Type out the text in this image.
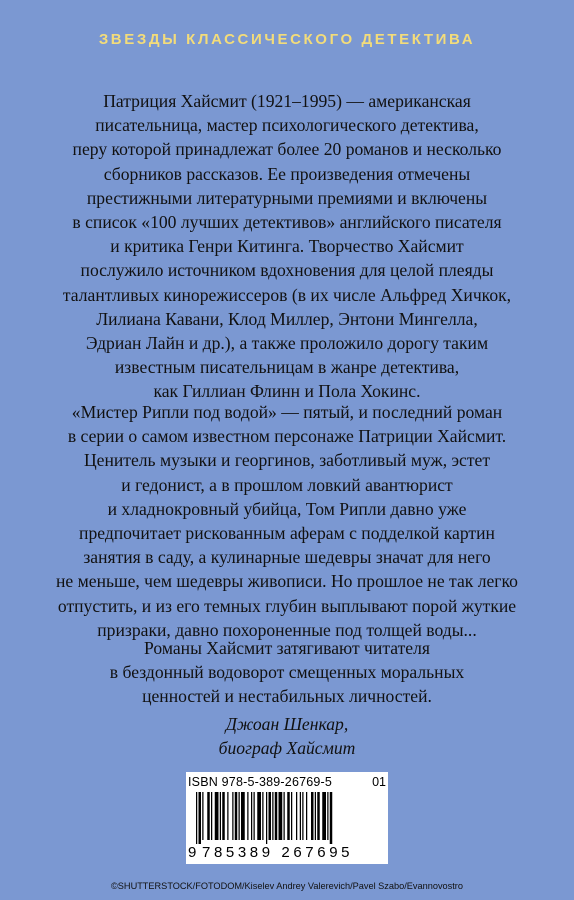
ЗВЕЗДЫ КЛАССИЧЕСКОГО ДЕТЕКТИВА
Патриция Хайсмит (1921–1995) — американская
писательница, мастер психологического детектива,
перу которой принадлежат более 20 романов и несколько
сборников рассказов. Ее произведения отмечены
престижными литературными премиями и включены
в список «100 лучших детективов» английского писателя
и критика Генри Китинга. Творчество Хайсмит
послужило источником вдохновения для целой плеяды
талантливых кинорежиссеров (в их числе Альфред Хичкок,
Лилиана Кавани, Клод Миллер, Энтони Мингелла,
Эдриан Лайн и др.), а также проложило дорогу таким
известным писательницам в жанре детектива,
как Гиллиан Флинн и Пола Хокинс.
«Мистер Рипли под водой» — пятый, и последний роман
в серии о самом известном персонаже Патриции Хайсмит.
Ценитель музыки и георгинов, заботливый муж, эстет
и гедонист, а в прошлом ловкий авантюрист
и хладнокровный убийца, Том Рипли давно уже
предпочитает рискованным аферам с подделкой картин
занятия в саду, а кулинарные шедевры значат для него
не меньше, чем шедевры живописи. Но прошлое не так легко
отпустить, и из его темных глубин выплывают порой жуткие
призраки, давно похороненные под толщей воды...
Романы Хайсмит затягивают читателя
в бездонный водоворот смещенных моральных
ценностей и нестабильных личностей.
Джоан Шенкар,
биограф Хайсмит
ISBN 978-5-389-26769-5	01
9 785389 267695
©SHUTTERSTOCK/FOTODOM/Kiselev Andrey Valerevich/Pavel Szabo/Evannovostro
